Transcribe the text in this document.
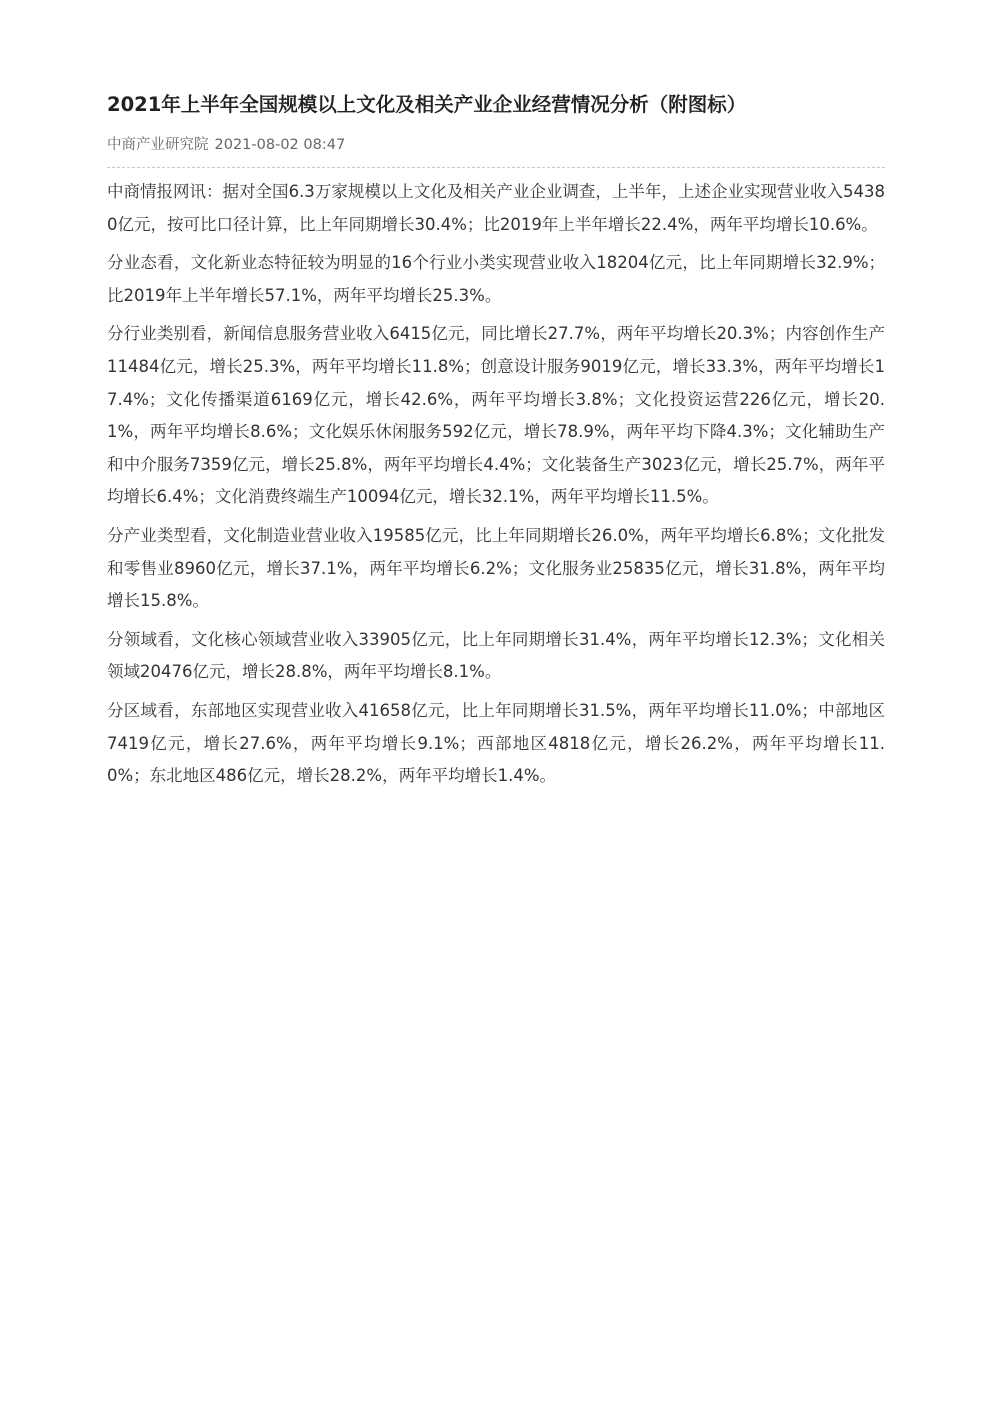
2021年上半年全国规模以上文化及相关产业企业经营情况分析（附图标）
中商产业研究院 2021-08-02 08:47

中商情报网讯：据对全国6.3万家规模以上文化及相关产业企业调查，上半年，上述企业实现营业收入54380亿元，按可比口径计算，比上年同期增长30.4%；比2019年上半年增长22.4%，两年平均增长10.6%。

分业态看，文化新业态特征较为明显的16个行业小类实现营业收入18204亿元，比上年同期增长32.9%；比2019年上半年增长57.1%，两年平均增长25.3%。

分行业类别看，新闻信息服务营业收入6415亿元，同比增长27.7%，两年平均增长20.3%；内容创作生产11484亿元，增长25.3%，两年平均增长11.8%；创意设计服务9019亿元，增长33.3%，两年平均增长17.4%；文化传播渠道6169亿元，增长42.6%，两年平均增长3.8%；文化投资运营226亿元，增长20.1%，两年平均增长8.6%；文化娱乐休闲服务592亿元，增长78.9%，两年平均下降4.3%；文化辅助生产和中介服务7359亿元，增长25.8%，两年平均增长4.4%；文化装备生产3023亿元，增长25.7%，两年平均增长6.4%；文化消费终端生产10094亿元，增长32.1%，两年平均增长11.5%。

分产业类型看，文化制造业营业收入19585亿元，比上年同期增长26.0%，两年平均增长6.8%；文化批发和零售业8960亿元，增长37.1%，两年平均增长6.2%；文化服务业25835亿元，增长31.8%，两年平均增长15.8%。

分领域看，文化核心领域营业收入33905亿元，比上年同期增长31.4%，两年平均增长12.3%；文化相关领域20476亿元，增长28.8%，两年平均增长8.1%。

分区域看，东部地区实现营业收入41658亿元，比上年同期增长31.5%，两年平均增长11.0%；中部地区7419亿元，增长27.6%，两年平均增长9.1%；西部地区4818亿元，增长26.2%，两年平均增长11.0%；东北地区486亿元，增长28.2%，两年平均增长1.4%。
